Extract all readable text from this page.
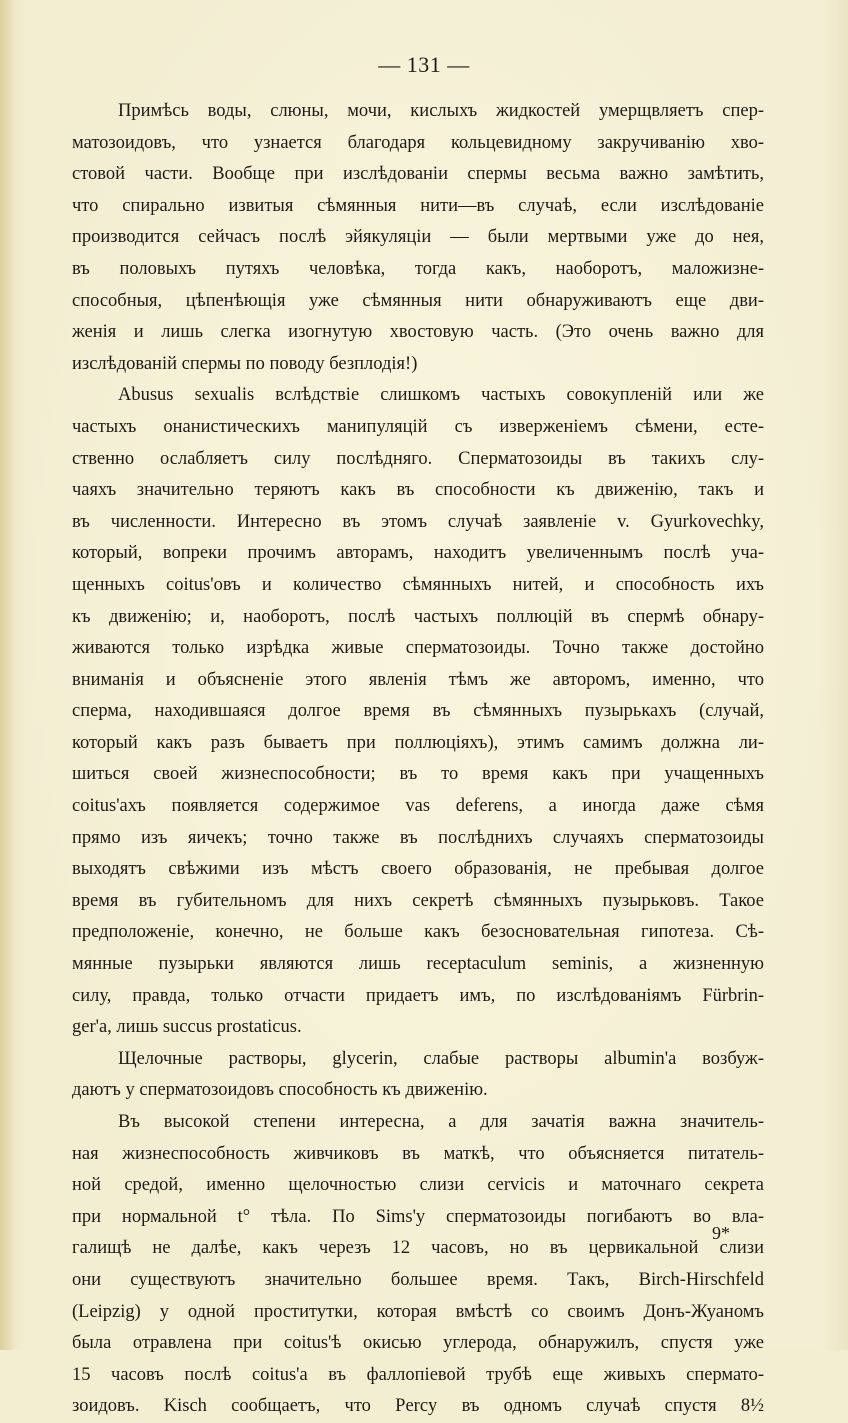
— 131 —
Примѣсь воды, слюны, мочи, кислыхъ жидкостей умерщвляетъ спер-
матозоидовъ, что узнается благодаря кольцевидному закручиванію хво-
стовой части. Вообще при изслѣдованіи спермы весьма важно замѣтить,
что спирально извитыя сѣмянныя нити—въ случаѣ, если изслѣдованіе
производится сейчасъ послѣ эйякуляціи — были мертвыми уже до нея,
въ половыхъ путяхъ человѣка, тогда какъ, наоборотъ, маложизне-
способныя, цѣпенѣющія уже сѣмянныя нити обнаруживаютъ еще дви-
женія и лишь слегка изогнутую хвостовую часть. (Это очень важно для
изслѣдованій спермы по поводу безплодія!)
Abusus sexualis вслѣдствіе слишкомъ частыхъ совокупленій или же
частыхъ онанистическихъ манипуляцій съ изверженіемъ сѣмени, есте-
ственно ослабляетъ силу послѣдняго. Сперматозоиды въ такихъ слу-
чаяхъ значительно теряютъ какъ въ способности къ движенію, такъ и
въ численности. Интересно въ этомъ случаѣ заявленіе v. Gyurkovechky,
который, вопреки прочимъ авторамъ, находитъ увеличеннымъ послѣ уча-
щенныхъ coitus'овъ и количество сѣмянныхъ нитей, и способность ихъ
къ движенію; и, наоборотъ, послѣ частыхъ поллюцій въ спермѣ обнару-
живаются только изрѣдка живые сперматозоиды. Точно также достойно
вниманія и объясненіе этого явленія тѣмъ же авторомъ, именно, что
сперма, находившаяся долгое время въ сѣмянныхъ пузырькахъ (случай,
который какъ разъ бываетъ при поллюціяхъ), этимъ самимъ должна ли-
шиться своей жизнеспособности; въ то время какъ при учащенныхъ
coitus'ахъ появляется содержимое vas deferens, а иногда даже сѣмя
прямо изъ яичекъ; точно также въ послѣднихъ случаяхъ сперматозоиды
выходятъ свѣжими изъ мѣстъ своего образованія, не пребывая долгое
время въ губительномъ для нихъ секретѣ сѣмянныхъ пузырьковъ. Такое
предположеніе, конечно, не больше какъ безосновательная гипотеза. Сѣ-
мянные пузырьки являются лишь receptaculum seminis, а жизненную
силу, правда, только отчасти придаетъ имъ, по изслѣдованіямъ Fürbrin-
ger'а, лишь succus prostaticus.
Щелочные растворы, glycerin, слабые растворы albumin'а возбуж-
даютъ у сперматозоидовъ способность къ движенію.
Въ высокой степени интересна, а для зачатія важна значитель-
ная жизнеспособность живчиковъ въ маткѣ, что объясняется питатель-
ной средой, именно щелочностью слизи cervicis и маточнаго секрета
при нормальной t° тѣла. По Sims'у сперматозоиды погибаютъ во вла-
галищѣ не далѣе, какъ черезъ 12 часовъ, но въ цервикальной слизи
они существуютъ значительно большее время. Такъ, Birch-Hirschfeld
(Leipzig) у одной проститутки, которая вмѣстѣ со своимъ Донъ-Жуаномъ
была отравлена при coitus'ѣ окисью углерода, обнаружилъ, спустя уже
15 часовъ послѣ coitus'а въ фаллопіевой трубѣ еще живыхъ спермато-
зоидовъ. Kisch сообщаетъ, что Percy въ одномъ случаѣ спустя 8½
9*
